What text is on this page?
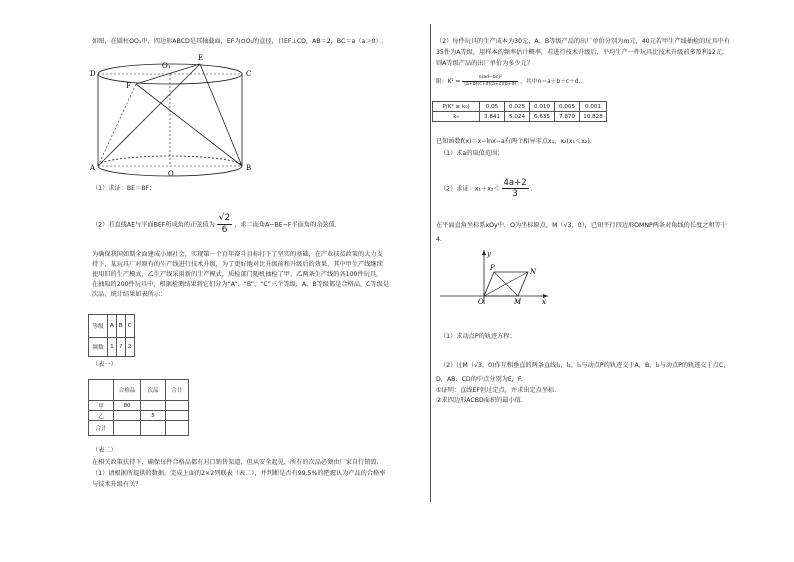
如图，在圆柱OO₁中，四边形ABCD是其轴截面，EF为⊙O₁的直径，且EF⊥CD，AB＝2，BC＝a（a＞0）.
D	C
O₁
E
F
A	B
O
（1）求证：BE＝BF；
（2）若直线AE与平面BEF所成角的正弦值为 $\frac{√2}{6}$ ，求二面角A−BE−F平面角的余弦值.
为确保我国如期全面建成小康社会，实现第一个百年奋斗目标打下了坚实的基础，在产业扶贫政策的大力支
持下，某玩具厂对原有的生产线进行技术升级，为了更好地对比升级前和升级后的效果，其中甲生产线继续
使用旧的生产模式，乙生产线采用新的生产模式，质检部门随机抽检了甲、乙两条生产线的各100件玩具，
在抽取的200件玩具中，根据检测结果将它们分为“A”、“B”、“C”三个等级，A、B等级都是合格品，C等级是
次品，统计结果如表所示：
等级	A	B	C
频数	1	?	2
（表一）
	合格品	次品	合计
甲	80		
乙		5	
合计			
（表二）
在相关政策扶持下，确保每件合格品都有对口销售渠道，但从安全起见，所有的次品必须由厂家自行销毁.
（1）请根据所提供的数据，完成上面的2×2列联表（表二），并判断是否有99.5%的把握认为产品的合格率
与技术升级有关？
（2）每件玩具的生产成本为30元，A、B等级产品的出厂单价分别为m元，40元若甲生产线抽检的玩具中有
35件为A等级，用样本的频率估计概率，若进行技术升级后，平均生产一件玩具比技术升级前多盈利12元，
则A等级产品的出厂单价为多少元？
附：$K^2 = \frac{\text{n(ad−bc)²}}{(a+b)(c+d)(a+c)(b+d)}$ ，其中n＝a＋b＋c＋d.
P(K² ≥ k₀)	0.05	0.025	0.010	0.005	0.001
k₀	3.841	5.024	6.635	7.879	10.828
已知函数f(x)＝x−lnx−a有两个相异零点x₁，x₂(x₁＜x₂).
（1）求a的取值范围；
（2）求证：$x_1+x_2< \frac{4a+2}{3}$ .
在平面直角坐标系xOy中，O为坐标原点，M（√3，0），已知平行四边形OMNP两条对角线的长度之和等于
4.
y
x
P	N
O	M
（1）求动点P的轨迹方程；
（2）过M（√3，0)作互相垂直的两条直线l₁，l₂，l₁与动点P的轨迹交于A，B，l₂与动点P的轨迹交于点C，
D，AB、CD的中点分别为E，F.
①证明：直线EF恒过定点，并求出定点坐标.
②求四边形ACBD面积的最小值.
